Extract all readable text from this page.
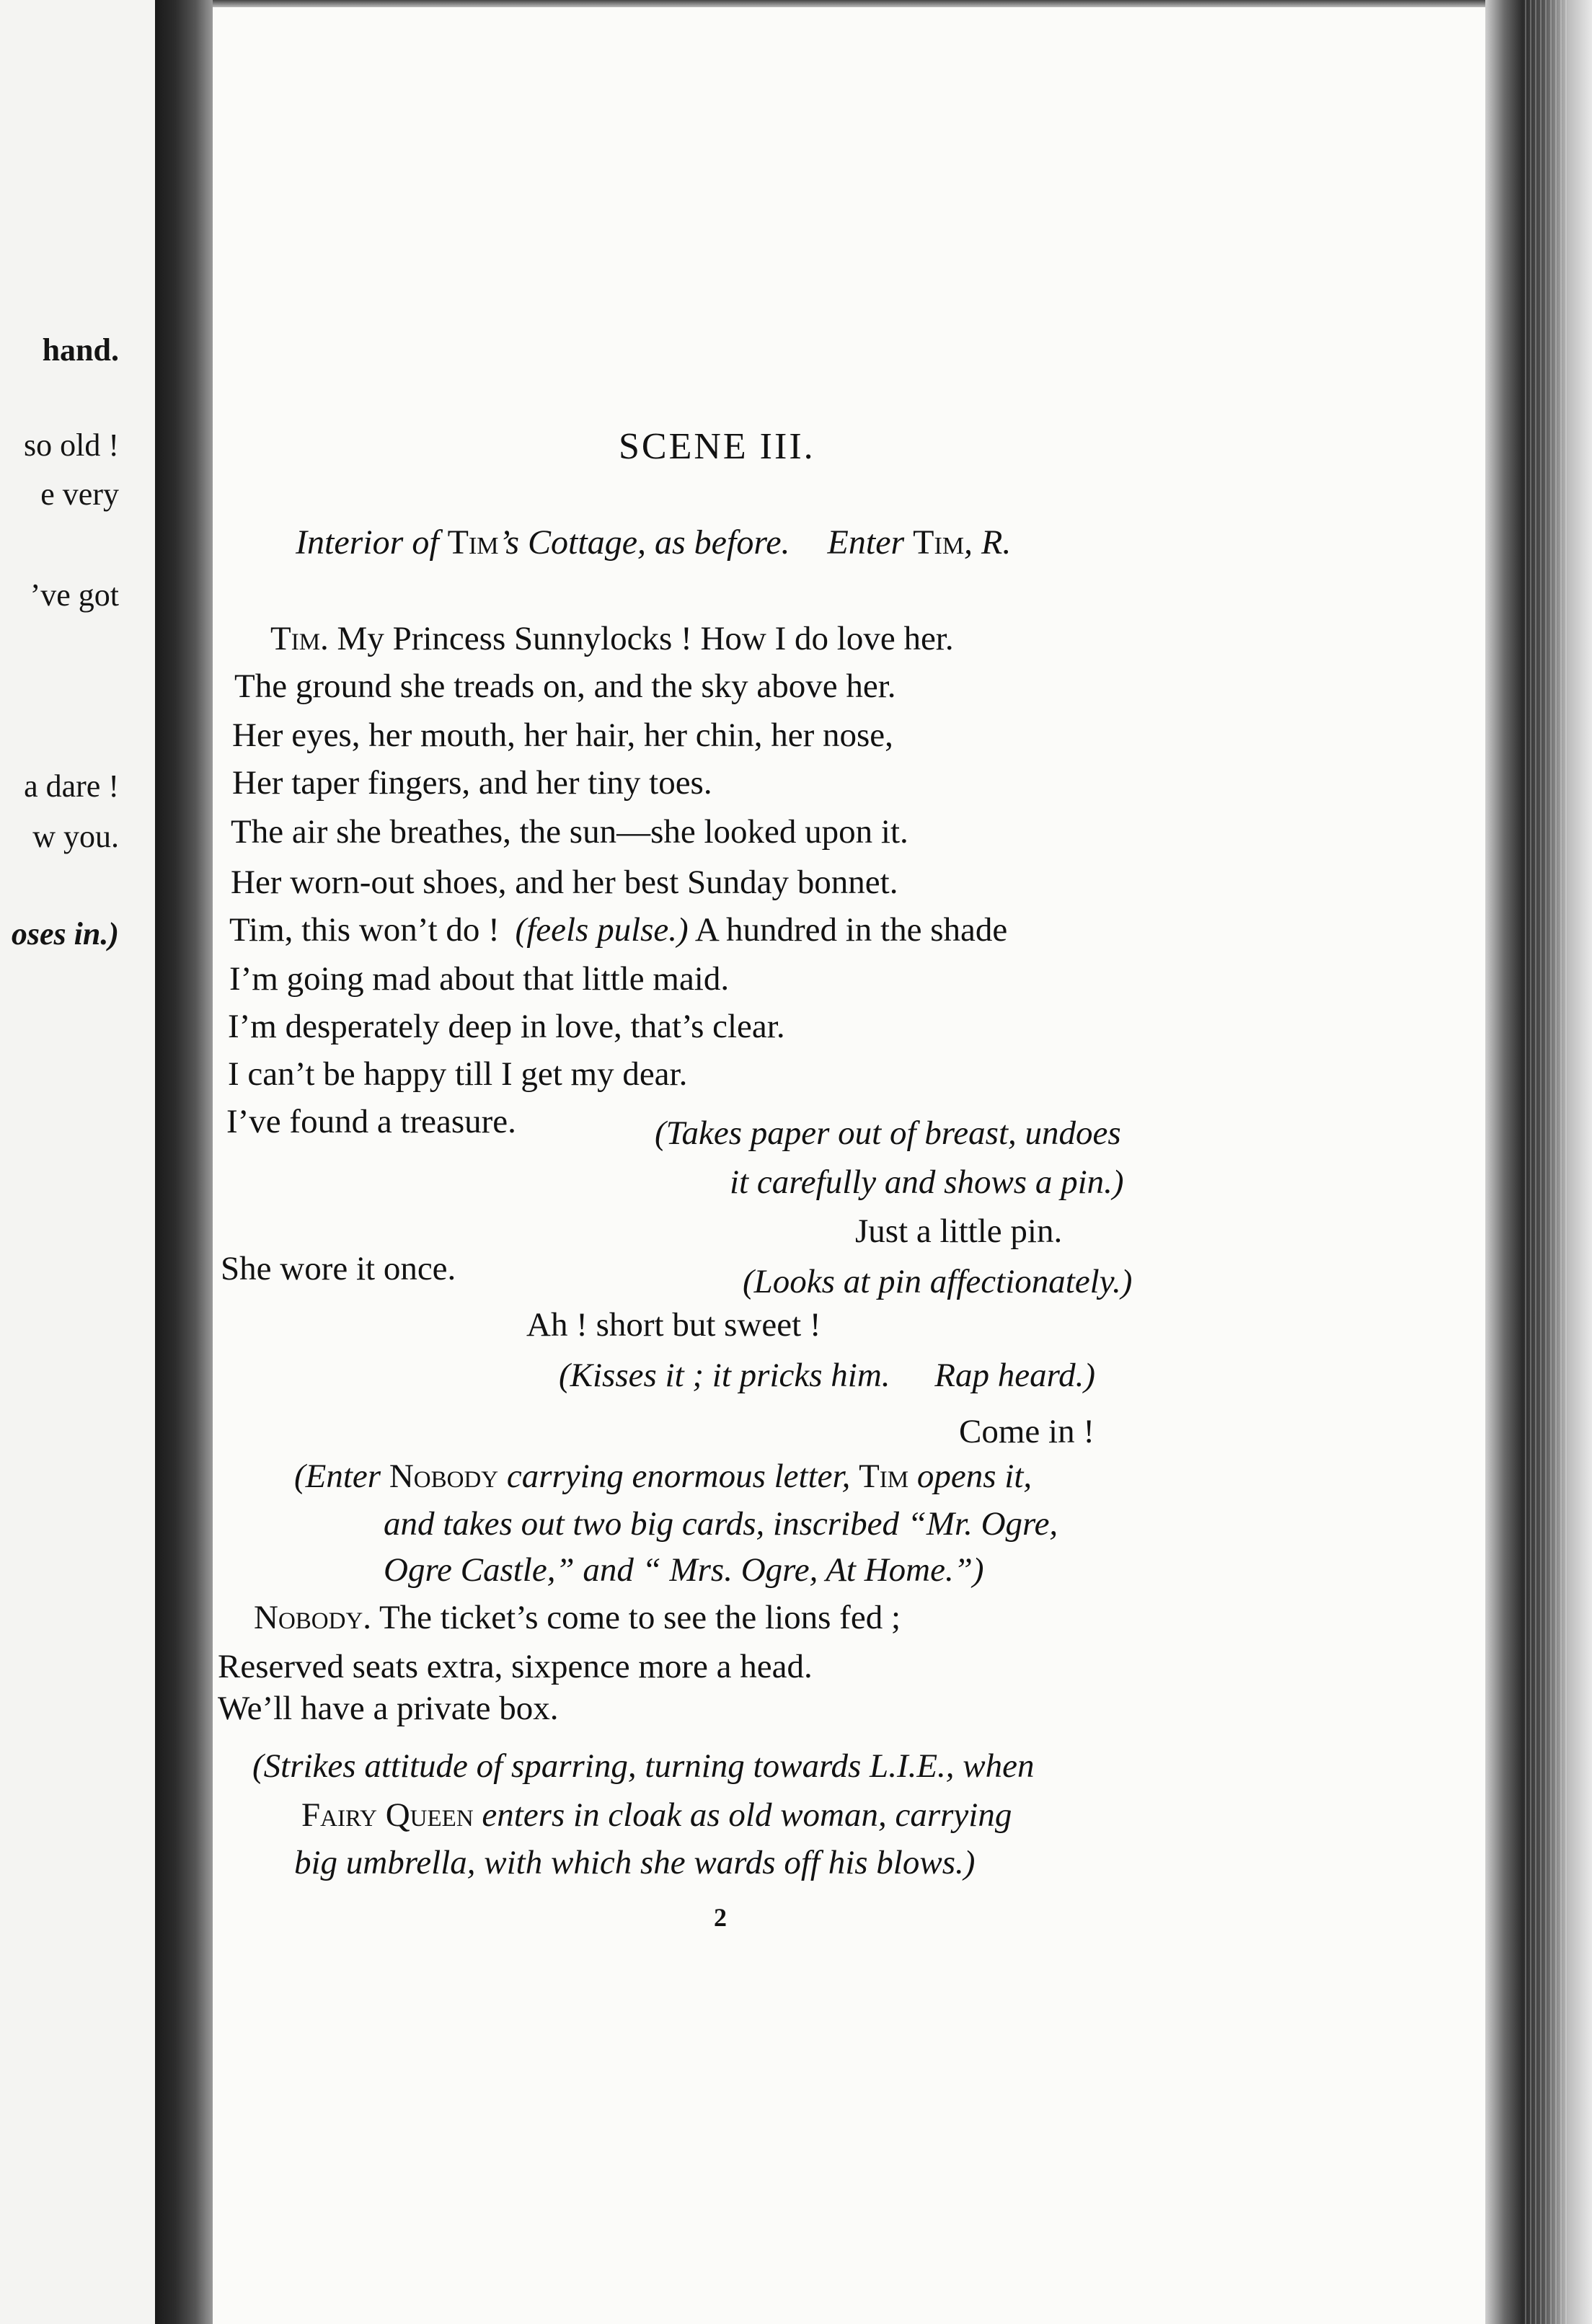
hand.
so old !
e very
’ve got
a dare !
w you.
oses in.)
SCENE III.
Interior of Tim’s Cottage, as before. Enter Tim, R.
Tim. My Princess Sunnylocks ! How I do love her.
The ground she treads on, and the sky above her.
Her eyes, her mouth, her hair, her chin, her nose,
Her taper fingers, and her tiny toes.
The air she breathes, the sun—she looked upon it.
Her worn-out shoes, and her best Sunday bonnet.
Tim, this won’t do ! (feels pulse.) A hundred in the shade
I’m going mad about that little maid.
I’m desperately deep in love, that’s clear.
I can’t be happy till I get my dear.
I’ve found a treasure.	(Takes paper out of breast, undoes
it carefully and shows a pin.)
Just a little pin.
She wore it once.	(Looks at pin affectionately.)
Ah ! short but sweet !
(Kisses it ; it pricks him. Rap heard.)
Come in !
(Enter Nobody carrying enormous letter, Tim opens it,
and takes out two big cards, inscribed “Mr. Ogre,
Ogre Castle,” and “ Mrs. Ogre, At Home.”)
Nobody. The ticket’s come to see the lions fed ;
Reserved seats extra, sixpence more a head.
We’ll have a private box.
(Strikes attitude of sparring, turning towards L.I.E., when
Fairy Queen enters in cloak as old woman, carrying
big umbrella, with which she wards off his blows.)
2
